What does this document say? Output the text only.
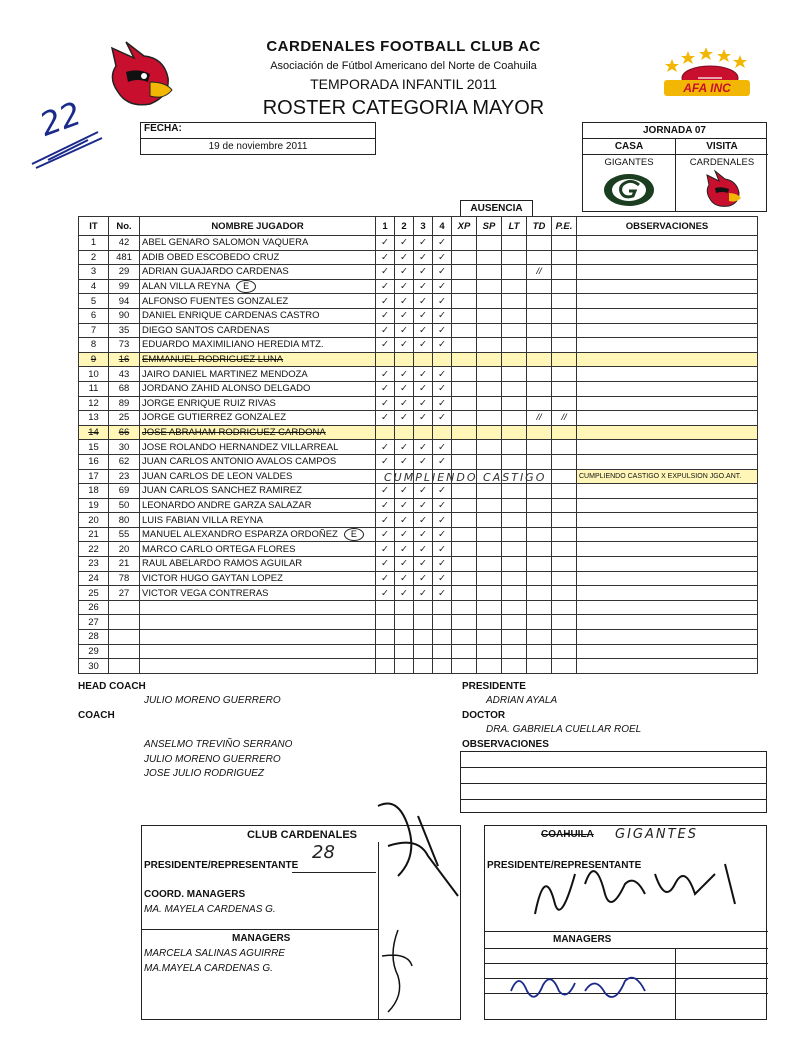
AFA INC
CARDENALES FOOTBALL CLUB AC
Asociación de Fútbol Americano del Norte de Coahuila
TEMPORADA INFANTIL 2011
ROSTER CATEGORIA MAYOR
22	FECHA:
19 de noviembre 2011
JORNADA 07
CASA	VISITA
GIGANTES	CARDENALES
AUSENCIA
IT	No.	NOMBRE JUGADOR	1	2	3	4	XP	SP	LT	TD	P.E.	OBSERVACIONES
1	42	ABEL GENARO SALOMON VAQUERA	✓	✓	✓	✓						
2	481	ADIB OBED ESCOBEDO CRUZ	✓	✓	✓	✓						
3	29	ADRIAN GUAJARDO CARDENAS	✓	✓	✓	✓				//		
4	99	ALAN VILLA REYNA E	✓	✓	✓	✓						
5	94	ALFONSO FUENTES GONZALEZ	✓	✓	✓	✓						
6	90	DANIEL ENRIQUE CARDENAS CASTRO	✓	✓	✓	✓						
7	35	DIEGO SANTOS CARDENAS	✓	✓	✓	✓						
8	73	EDUARDO MAXIMILIANO HEREDIA MTZ.	✓	✓	✓	✓						
9	16	EMMANUEL RODRIGUEZ LUNA										
10	43	JAIRO DANIEL MARTINEZ MENDOZA	✓	✓	✓	✓						
11	68	JORDANO ZAHID ALONSO DELGADO	✓	✓	✓	✓						
12	89	JORGE ENRIQUE RUIZ RIVAS	✓	✓	✓	✓						
13	25	JORGE GUTIERREZ GONZALEZ	✓	✓	✓	✓				//	//	
14	66	JOSE ABRAHAM RODRIGUEZ CARDONA										
15	30	JOSE ROLANDO HERNANDEZ VILLARREAL	✓	✓	✓	✓						
16	62	JUAN CARLOS ANTONIO AVALOS CAMPOS	✓	✓	✓	✓						
17	23	JUAN CARLOS DE LEON VALDES										CUMPLIENDO CASTIGO X EXPULSION JGO.ANT.
18	69	JUAN CARLOS SANCHEZ RAMIREZ	✓	✓	✓	✓						
19	50	LEONARDO ANDRE GARZA SALAZAR	✓	✓	✓	✓						
20	80	LUIS FABIAN VILLA REYNA	✓	✓	✓	✓						
21	55	MANUEL ALEXANDRO ESPARZA ORDOÑEZ E	✓	✓	✓	✓						
22	20	MARCO CARLO ORTEGA FLORES	✓	✓	✓	✓						
23	21	RAUL ABELARDO RAMOS AGUILAR	✓	✓	✓	✓						
24	78	VICTOR HUGO GAYTAN LOPEZ	✓	✓	✓	✓						
25	27	VICTOR VEGA CONTRERAS	✓	✓	✓	✓						
26												
27												
28												
29												
30												
CUMPLIENDO CASTIGO
HEAD COACH
JULIO MORENO GUERRERO
COACH
ANSELMO TREVIÑO SERRANO
JULIO MORENO GUERRERO
JOSE JULIO RODRIGUEZ
PRESIDENTE
ADRIAN AYALA
DOCTOR
DRA. GABRIELA CUELLAR ROEL
OBSERVACIONES
CLUB CARDENALES
28
PRESIDENTE/REPRESENTANTE
COORD. MANAGERS
MA. MAYELA CARDENAS G.
MANAGERS
MARCELA SALINAS AGUIRRE
MA.MAYELA CARDENAS G.
COAHUILA GIGANTES
PRESIDENTE/REPRESENTANTE
MANAGERS
